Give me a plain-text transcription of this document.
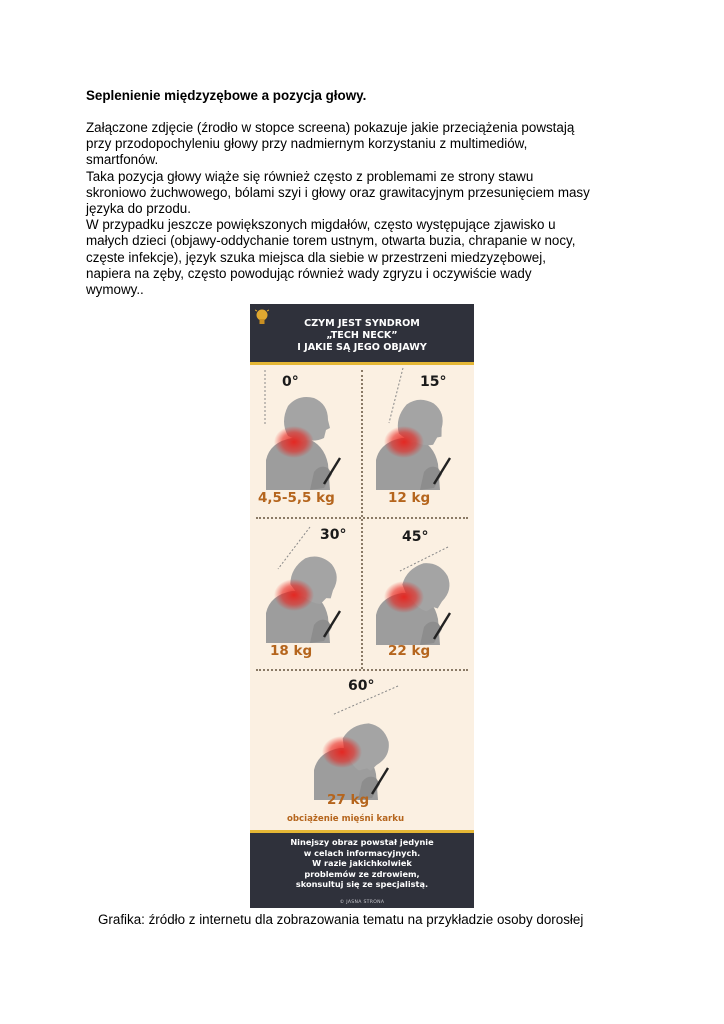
Seplenienie międzyzębowe a pozycja głowy.

Załączone zdjęcie (źrodło w stopce screena) pokazuje jakie przeciążenia powstają

przy przodopochyleniu głowy przy nadmiernym korzystaniu z multimediów,

smartfonów.

Taka pozycja głowy wiąże się również często z problemami ze strony stawu

skroniowo żuchwowego, bólami szyi i głowy oraz grawitacyjnym przesunięciem masy

języka do przodu.

W przypadku jeszcze powiększonych migdałów, często występujące zjawisko u

małych dzieci (objawy-oddychanie torem ustnym, otwarta buzia, chrapanie w nocy,

częste infekcje), język szuka miejsca dla siebie w przestrzeni miedzyzębowej,

napiera na zęby, często powodując również wady zgryzu i oczywiście wady

wymowy..

CZYM JEST SYNDROM
„TECH NECK”
I JAKIE SĄ JEGO OBJAWY
0°
4,5-5,5 kg
15°
12 kg
30°
18 kg
45°
22 kg
60°
27 kg
obciążenie mięśni karku
Ninejszy obraz powstał jedynie
w celach informacyjnych.
W razie jakichkolwiek
problemów ze zdrowiem,
skonsultuj się ze specjalistą.
© JASNA STRONA
Grafika: źródło z internetu dla zobrazowania tematu na przykładzie osoby dorosłej
